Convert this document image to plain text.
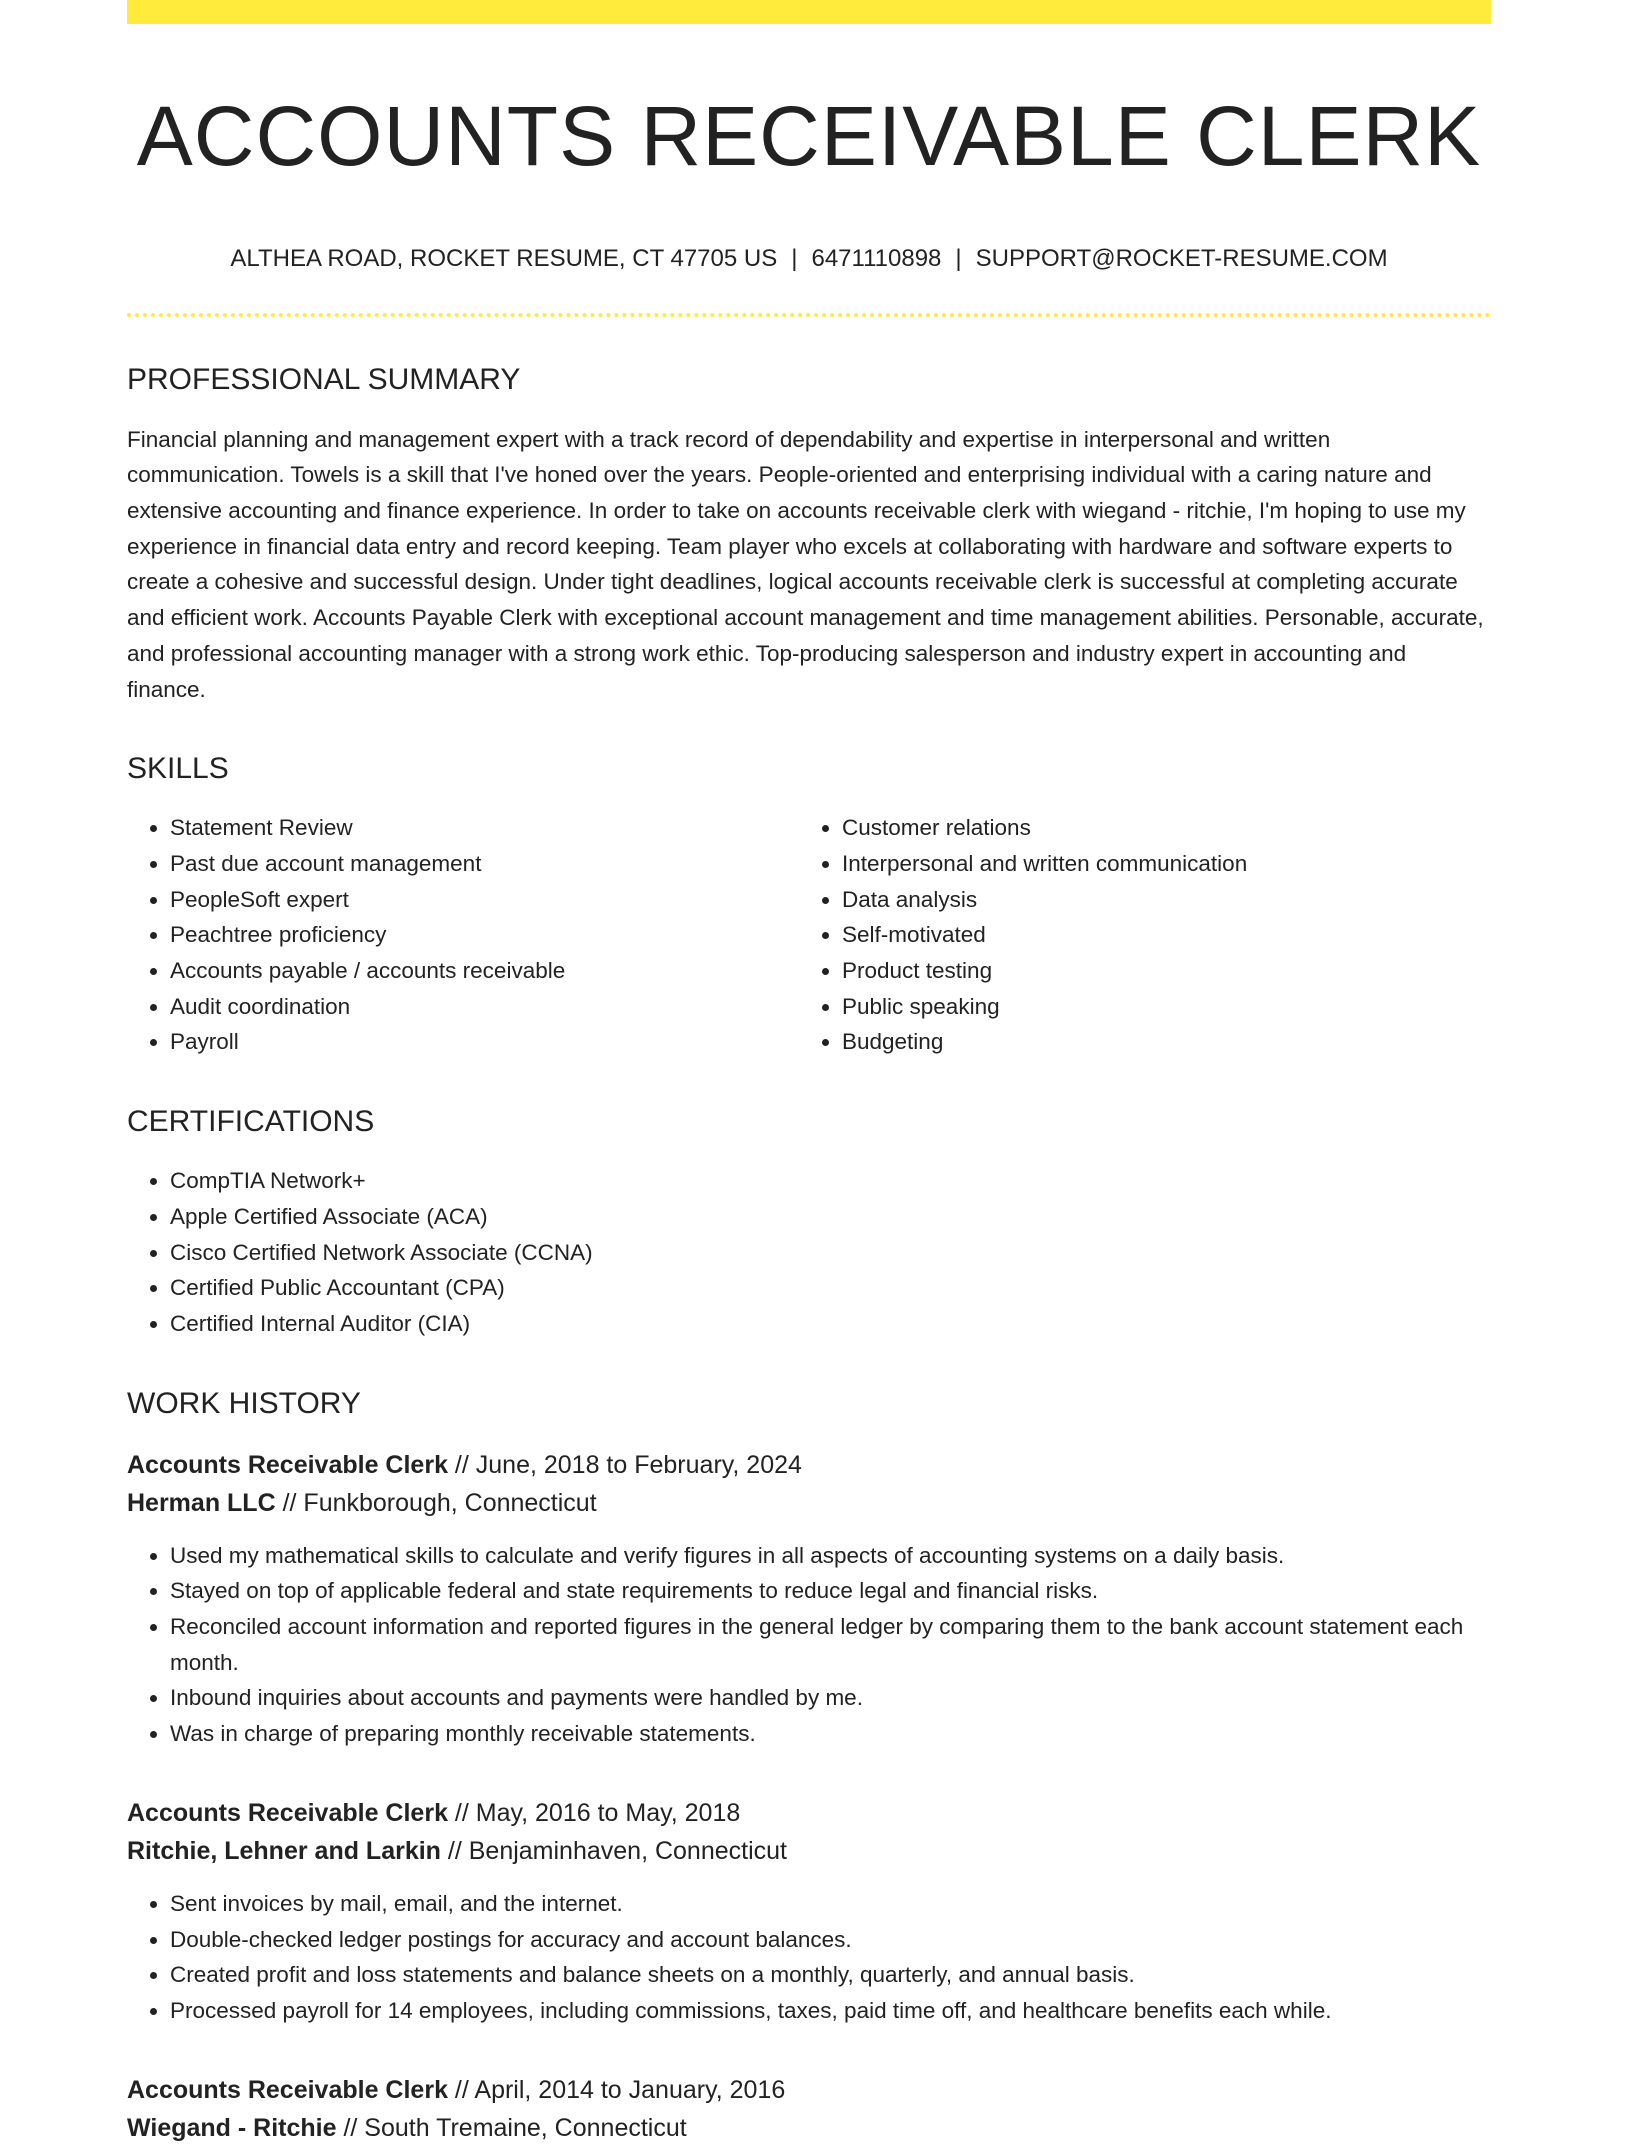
ACCOUNTS RECEIVABLE CLERK
ALTHEA ROAD, ROCKET RESUME, CT 47705 US | 6471110898 | SUPPORT@ROCKET-RESUME.COM
PROFESSIONAL SUMMARY
Financial planning and management expert with a track record of dependability and expertise in interpersonal and written communication. Towels is a skill that I've honed over the years. People-oriented and enterprising individual with a caring nature and extensive accounting and finance experience. In order to take on accounts receivable clerk with wiegand - ritchie, I'm hoping to use my experience in financial data entry and record keeping. Team player who excels at collaborating with hardware and software experts to create a cohesive and successful design. Under tight deadlines, logical accounts receivable clerk is successful at completing accurate and efficient work. Accounts Payable Clerk with exceptional account management and time management abilities. Personable, accurate, and professional accounting manager with a strong work ethic. Top-producing salesperson and industry expert in accounting and finance.
SKILLS
• Statement Review
• Past due account management
• PeopleSoft expert
• Peachtree proficiency
• Accounts payable / accounts receivable
• Audit coordination
• Payroll
• Customer relations
• Interpersonal and written communication
• Data analysis
• Self-motivated
• Product testing
• Public speaking
• Budgeting
CERTIFICATIONS
• CompTIA Network+
• Apple Certified Associate (ACA)
• Cisco Certified Network Associate (CCNA)
• Certified Public Accountant (CPA)
• Certified Internal Auditor (CIA)
WORK HISTORY
Accounts Receivable Clerk // June, 2018 to February, 2024
Herman LLC // Funkborough, Connecticut
• Used my mathematical skills to calculate and verify figures in all aspects of accounting systems on a daily basis.
• Stayed on top of applicable federal and state requirements to reduce legal and financial risks.
• Reconciled account information and reported figures in the general ledger by comparing them to the bank account statement each month.
• Inbound inquiries about accounts and payments were handled by me.
• Was in charge of preparing monthly receivable statements.
Accounts Receivable Clerk // May, 2016 to May, 2018
Ritchie, Lehner and Larkin // Benjaminhaven, Connecticut
• Sent invoices by mail, email, and the internet.
• Double-checked ledger postings for accuracy and account balances.
• Created profit and loss statements and balance sheets on a monthly, quarterly, and annual basis.
• Processed payroll for 14 employees, including commissions, taxes, paid time off, and healthcare benefits each while.
Accounts Receivable Clerk // April, 2014 to January, 2016
Wiegand - Ritchie // South Tremaine, Connecticut
